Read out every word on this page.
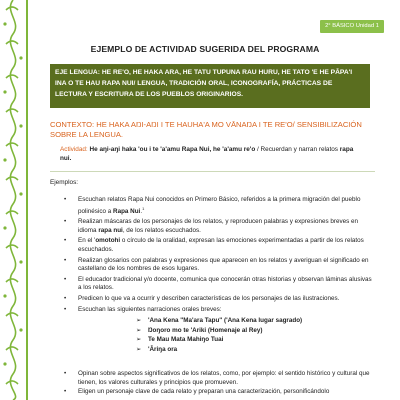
2° BÁSICO Unidad 1
EJEMPLO DE ACTIVIDAD SUGERIDA DEL PROGRAMA
EJE LENGUA: HE RE'O, HE HAKA ARA, HE TATU TUPUNA RAU HURU, HE TATO 'E HE PĀPA'I INA O TE HAU RAPA NUI/ LENGUA, TRADICIÓN ORAL, ICONOGRAFÍA, PRÁCTICAS DE LECTURA Y ESCRITURA DE LOS PUEBLOS ORIGINARIOS.
CONTEXTO: HE HAKA AŊI-AŊI I TE HAUHA'A MO VĀNAŊA I TE RE'O/ SENSIBILIZACIÓN SOBRE LA LENGUA.
Actividad: He aŋi-aŋi haka 'ou i te 'a'amu Rapa Nui, he 'a'amu re'o / Recuerdan y narran relatos rapa nui.
Ejemplos:
• Escuchan relatos Rapa Nui conocidos en Primero Básico, referidos a la primera migración del pueblo polinésico a Rapa Nui.$^1$
• Realizan máscaras de los personajes de los relatos, y reproducen palabras y expresiones breves en idioma rapa nui, de los relatos escuchados.
• En el 'omotohi o círculo de la oralidad, expresan las emociones experimentadas a partir de los relatos escuchados.
• Realizan glosarios con palabras y expresiones que aparecen en los relatos y averiguan el significado en castellano de los nombres de esos lugares.
• El educador tradicional y/o docente, comunica que conocerán otras historias y observan láminas alusivas a los relatos.
• Predicen lo que va a ocurrir y describen características de los personajes de las ilustraciones.
• Escuchan las siguientes narraciones orales breves:
➢ 'Ana Kena "Ma'ara Tapu" ('Ana Kena lugar sagrado)
➢ Ŋoŋoro mo te 'Ariki (Homenaje al Rey)
➢ Te Mau Mata Mahiŋo Tuai
➢ 'Āriŋa ora
• Opinan sobre aspectos significativos de los relatos, como, por ejemplo: el sentido histórico y cultural que tienen, los valores culturales y principios que promueven.
• Eligen un personaje clave de cada relato y preparan una caracterización, personificándolo
